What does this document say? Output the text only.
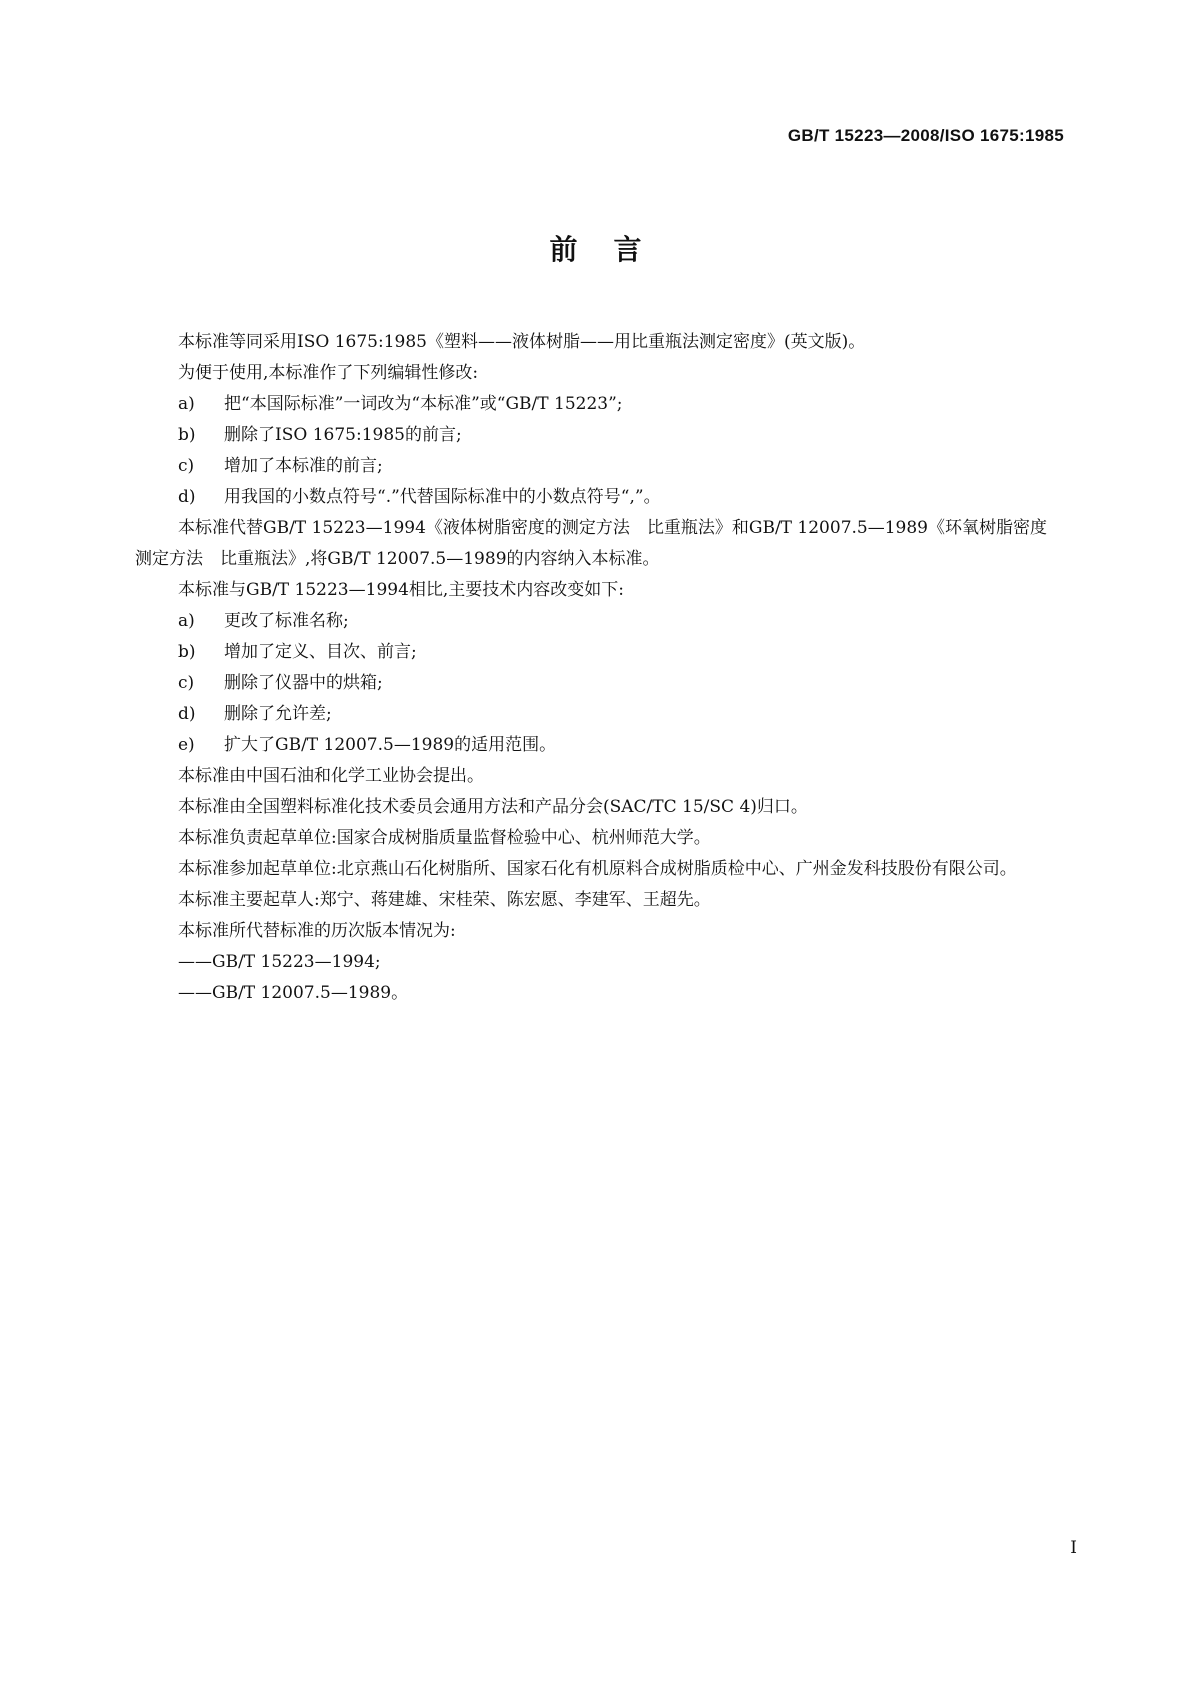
GB/T 15223—2008/ISO 1675:1985

前言

本标准等同采用ISO 1675:1985《塑料——液体树脂——用比重瓶法测定密度》(英文版)。

为便于使用,本标准作了下列编辑性修改:

a) 把“本国际标准”一词改为“本标准”或“GB/T 15223”;

b) 删除了ISO 1675:1985的前言;

c) 增加了本标准的前言;

d) 用我国的小数点符号“.”代替国际标准中的小数点符号“,”。

本标准代替GB/T 15223—1994《液体树脂密度的测定方法　比重瓶法》和GB/T 12007.5—1989《环氧树脂密度测定方法　比重瓶法》,将GB/T 12007.5—1989的内容纳入本标准。

本标准与GB/T 15223—1994相比,主要技术内容改变如下:

a) 更改了标准名称;

b) 增加了定义、目次、前言;

c) 删除了仪器中的烘箱;

d) 删除了允许差;

e) 扩大了GB/T 12007.5—1989的适用范围。

本标准由中国石油和化学工业协会提出。

本标准由全国塑料标准化技术委员会通用方法和产品分会(SAC/TC 15/SC 4)归口。

本标准负责起草单位:国家合成树脂质量监督检验中心、杭州师范大学。

本标准参加起草单位:北京燕山石化树脂所、国家石化有机原料合成树脂质检中心、广州金发科技股份有限公司。

本标准主要起草人:郑宁、蒋建雄、宋桂荣、陈宏愿、李建军、王超先。

本标准所代替标准的历次版本情况为:

——GB/T 15223—1994;

——GB/T 12007.5—1989。

I
